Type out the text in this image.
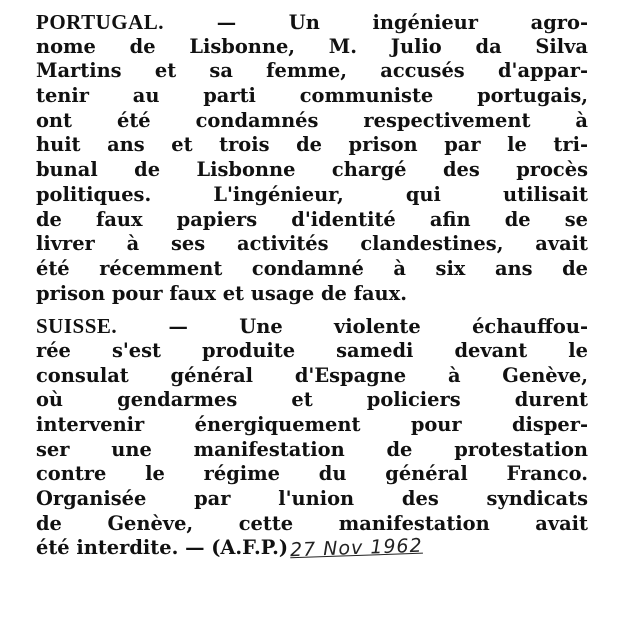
PORTUGAL. — Un ingénieur agro-
nome de Lisbonne, M. Julio da Silva
Martins et sa femme, accusés d'appar-
tenir au parti communiste portugais,
ont été condamnés respectivement à
huit ans et trois de prison par le tri-
bunal de Lisbonne chargé des procès
politiques. L'ingénieur, qui utilisait
de faux papiers d'identité afin de se
livrer à ses activités clandestines, avait
été récemment condamné à six ans de
prison pour faux et usage de faux.
SUISSE. — Une violente échauffou-
rée s'est produite samedi devant le
consulat général d'Espagne à Genève,
où gendarmes et policiers durent
intervenir énergiquement pour disper-
ser une manifestation de protestation
contre le régime du général Franco.
Organisée par l'union des syndicats
de Genève, cette manifestation avait
été interdite. — (A.F.P.)27 Nov 1962
